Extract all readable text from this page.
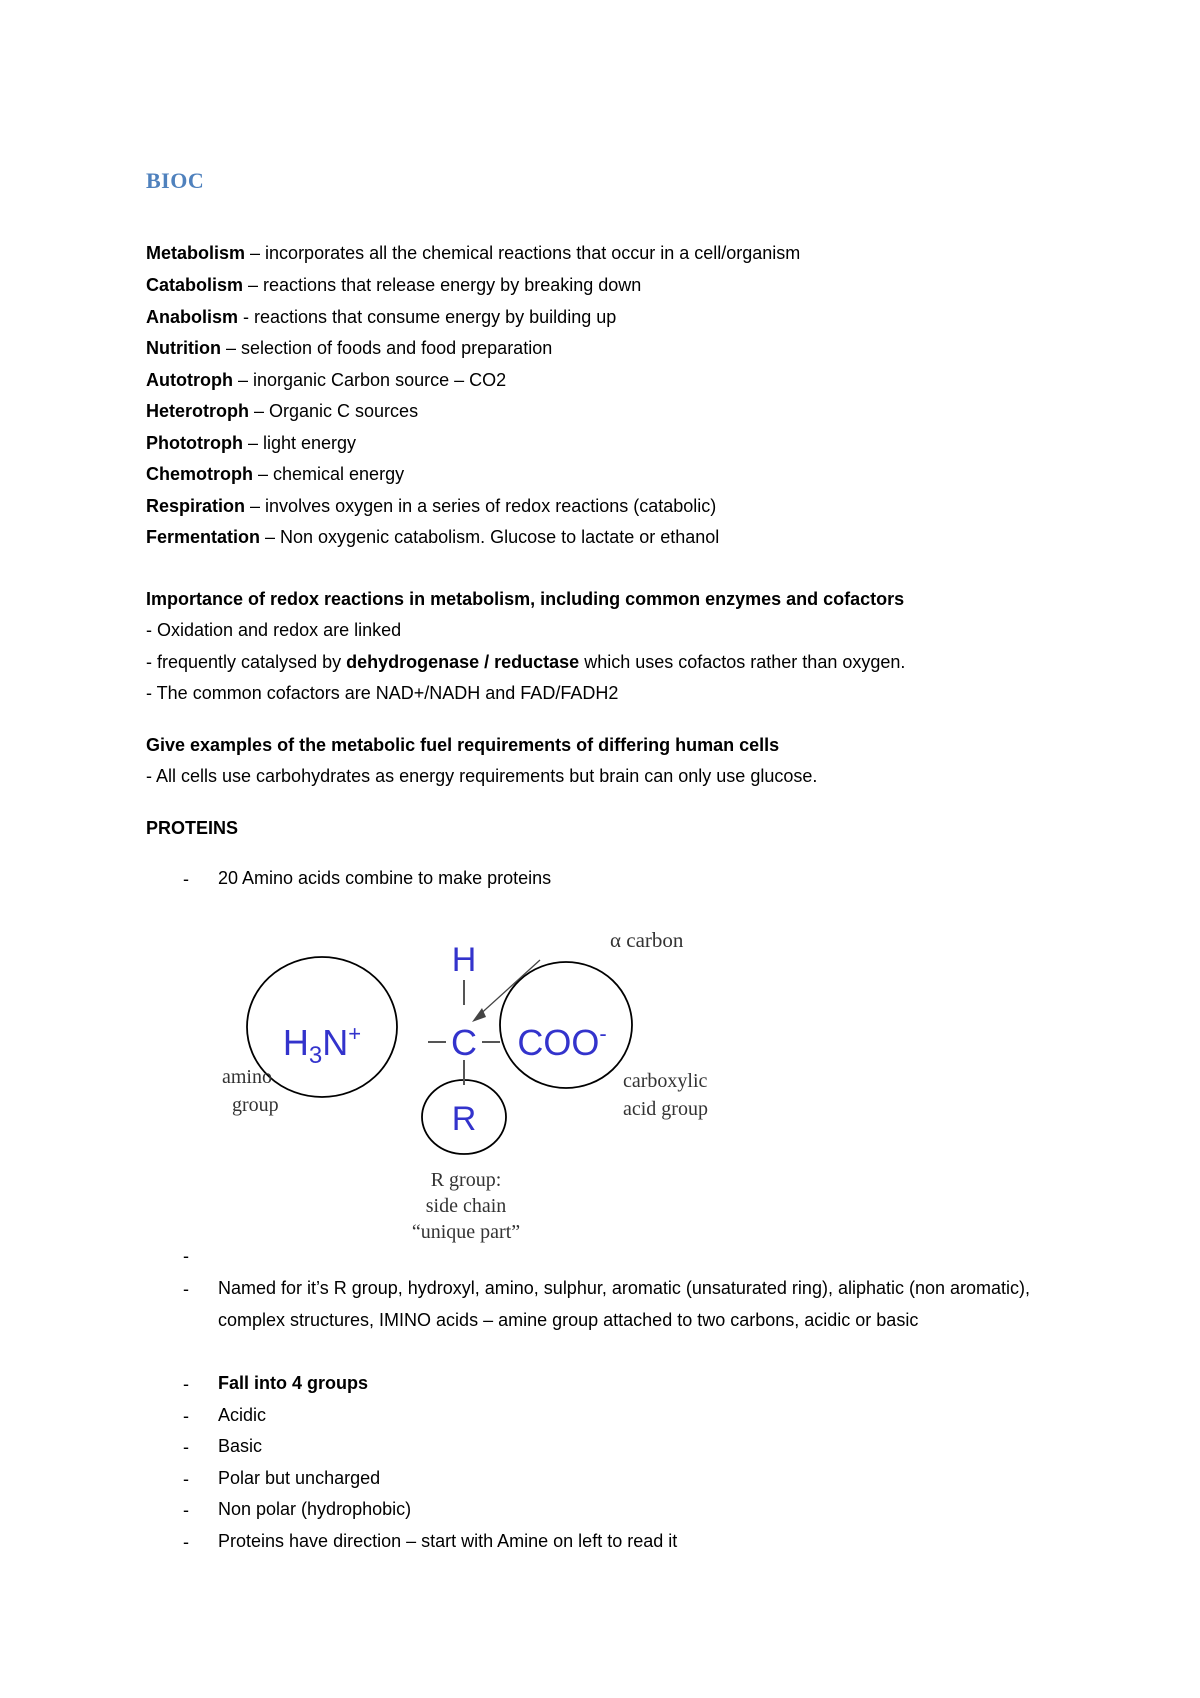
BIOC
Metabolism – incorporates all the chemical reactions that occur in a cell/organism
Catabolism – reactions that release energy by breaking down
Anabolism - reactions that consume energy by building up
Nutrition – selection of foods and food preparation
Autotroph – inorganic Carbon source – CO2
Heterotroph – Organic C sources
Phototroph – light energy
Chemotroph – chemical energy
Respiration – involves oxygen in a series of redox reactions (catabolic)
Fermentation – Non oxygenic catabolism. Glucose to lactate or ethanol
Importance of redox reactions in metabolism, including common enzymes and cofactors
- Oxidation and redox are linked
- frequently catalysed by dehydrogenase / reductase which uses cofactos rather than oxygen.
- The common cofactors are NAD+/NADH and FAD/FADH2
Give examples of the metabolic fuel requirements of differing human cells
- All cells use carbohydrates as energy requirements but brain can only use glucose.
PROTEINS
- 20 Amino acids combine to make proteins
H
$H_3N^+$ C COO-
R
α carbon
amino
group
carboxylic
acid group
R group:
side chain
“unique part”
-
- Named for it’s R group, hydroxyl, amino, sulphur, aromatic (unsaturated ring), aliphatic (non aromatic), complex structures, IMINO acids – amine group attached to two carbons, acidic or basic
- Fall into 4 groups
- Acidic
- Basic
- Polar but uncharged
- Non polar (hydrophobic)
- Proteins have direction – start with Amine on left to read it
